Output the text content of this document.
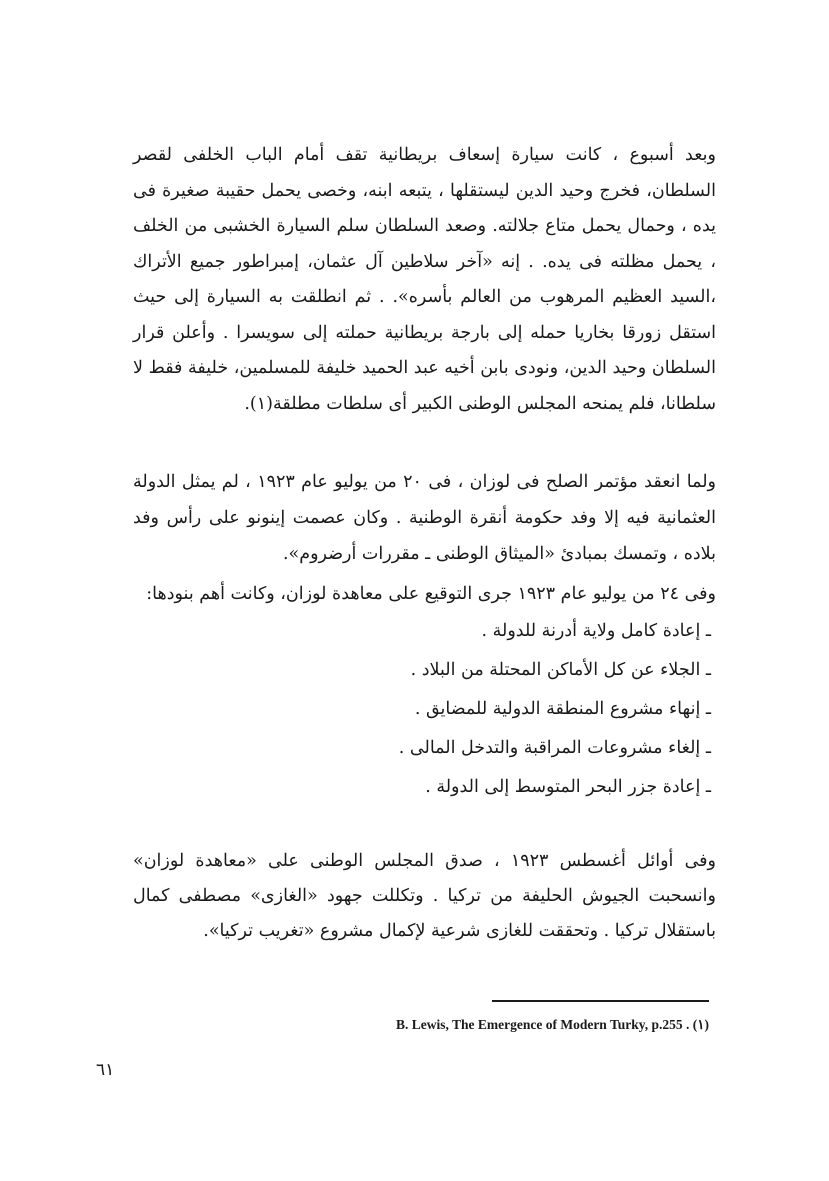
وبعد أسبوع ، كانت سيارة إسعاف بريطانية تقف أمام الباب الخلفى لقصر السلطان، فخرج وحيد الدين ليستقلها ، يتبعه ابنه، وخصى يحمل حقيبة صغيرة فى يده ، وحمال يحمل متاع جلالته. وصعد السلطان سلم السيارة الخشبى من الخلف ، يحمل مظلته فى يده. . إنه «آخر سلاطين آل عثمان، إمبراطور جميع الأتراك ،السيد العظيم المرهوب من العالم بأسره». . ثم انطلقت به السيارة إلى حيث استقل زورقا بخاريا حمله إلى بارجة بريطانية حملته إلى سويسرا . وأعلن قرار السلطان وحيد الدين، ونودى بابن أخيه عبد الحميد خليفة للمسلمين، خليفة فقط لا سلطانا، فلم يمنحه المجلس الوطنى الكبير أى سلطات مطلقة(١).

ولما انعقد مؤتمر الصلح فى لوزان ، فى ٢٠ من يوليو عام ١٩٢٣ ، لم يمثل الدولة العثمانية فيه إلا وفد حكومة أنقرة الوطنية . وكان عصمت إينونو على رأس وفد بلاده ، وتمسك بمبادئ «الميثاق الوطنى ـ مقررات أرضروم».

وفى ٢٤ من يوليو عام ١٩٢٣ جرى التوقيع على معاهدة لوزان، وكانت أهم بنودها:

ـ إعادة كامل ولاية أدرنة للدولة .
ـ الجلاء عن كل الأماكن المحتلة من البلاد .
ـ إنهاء مشروع المنطقة الدولية للمضايق .
ـ إلغاء مشروعات المراقبة والتدخل المالى .
ـ إعادة جزر البحر المتوسط إلى الدولة .

وفى أوائل أغسطس ١٩٢٣ ، صدق المجلس الوطنى على «معاهدة لوزان» وانسحبت الجيوش الحليفة من تركيا . وتكللت جهود «الغازى» مصطفى كمال باستقلال تركيا . وتحققت للغازى شرعية لإكمال مشروع «تغريب تركيا».

B. Lewis, The Emergence of Modern Turky, p.255 . (١)
٦١
